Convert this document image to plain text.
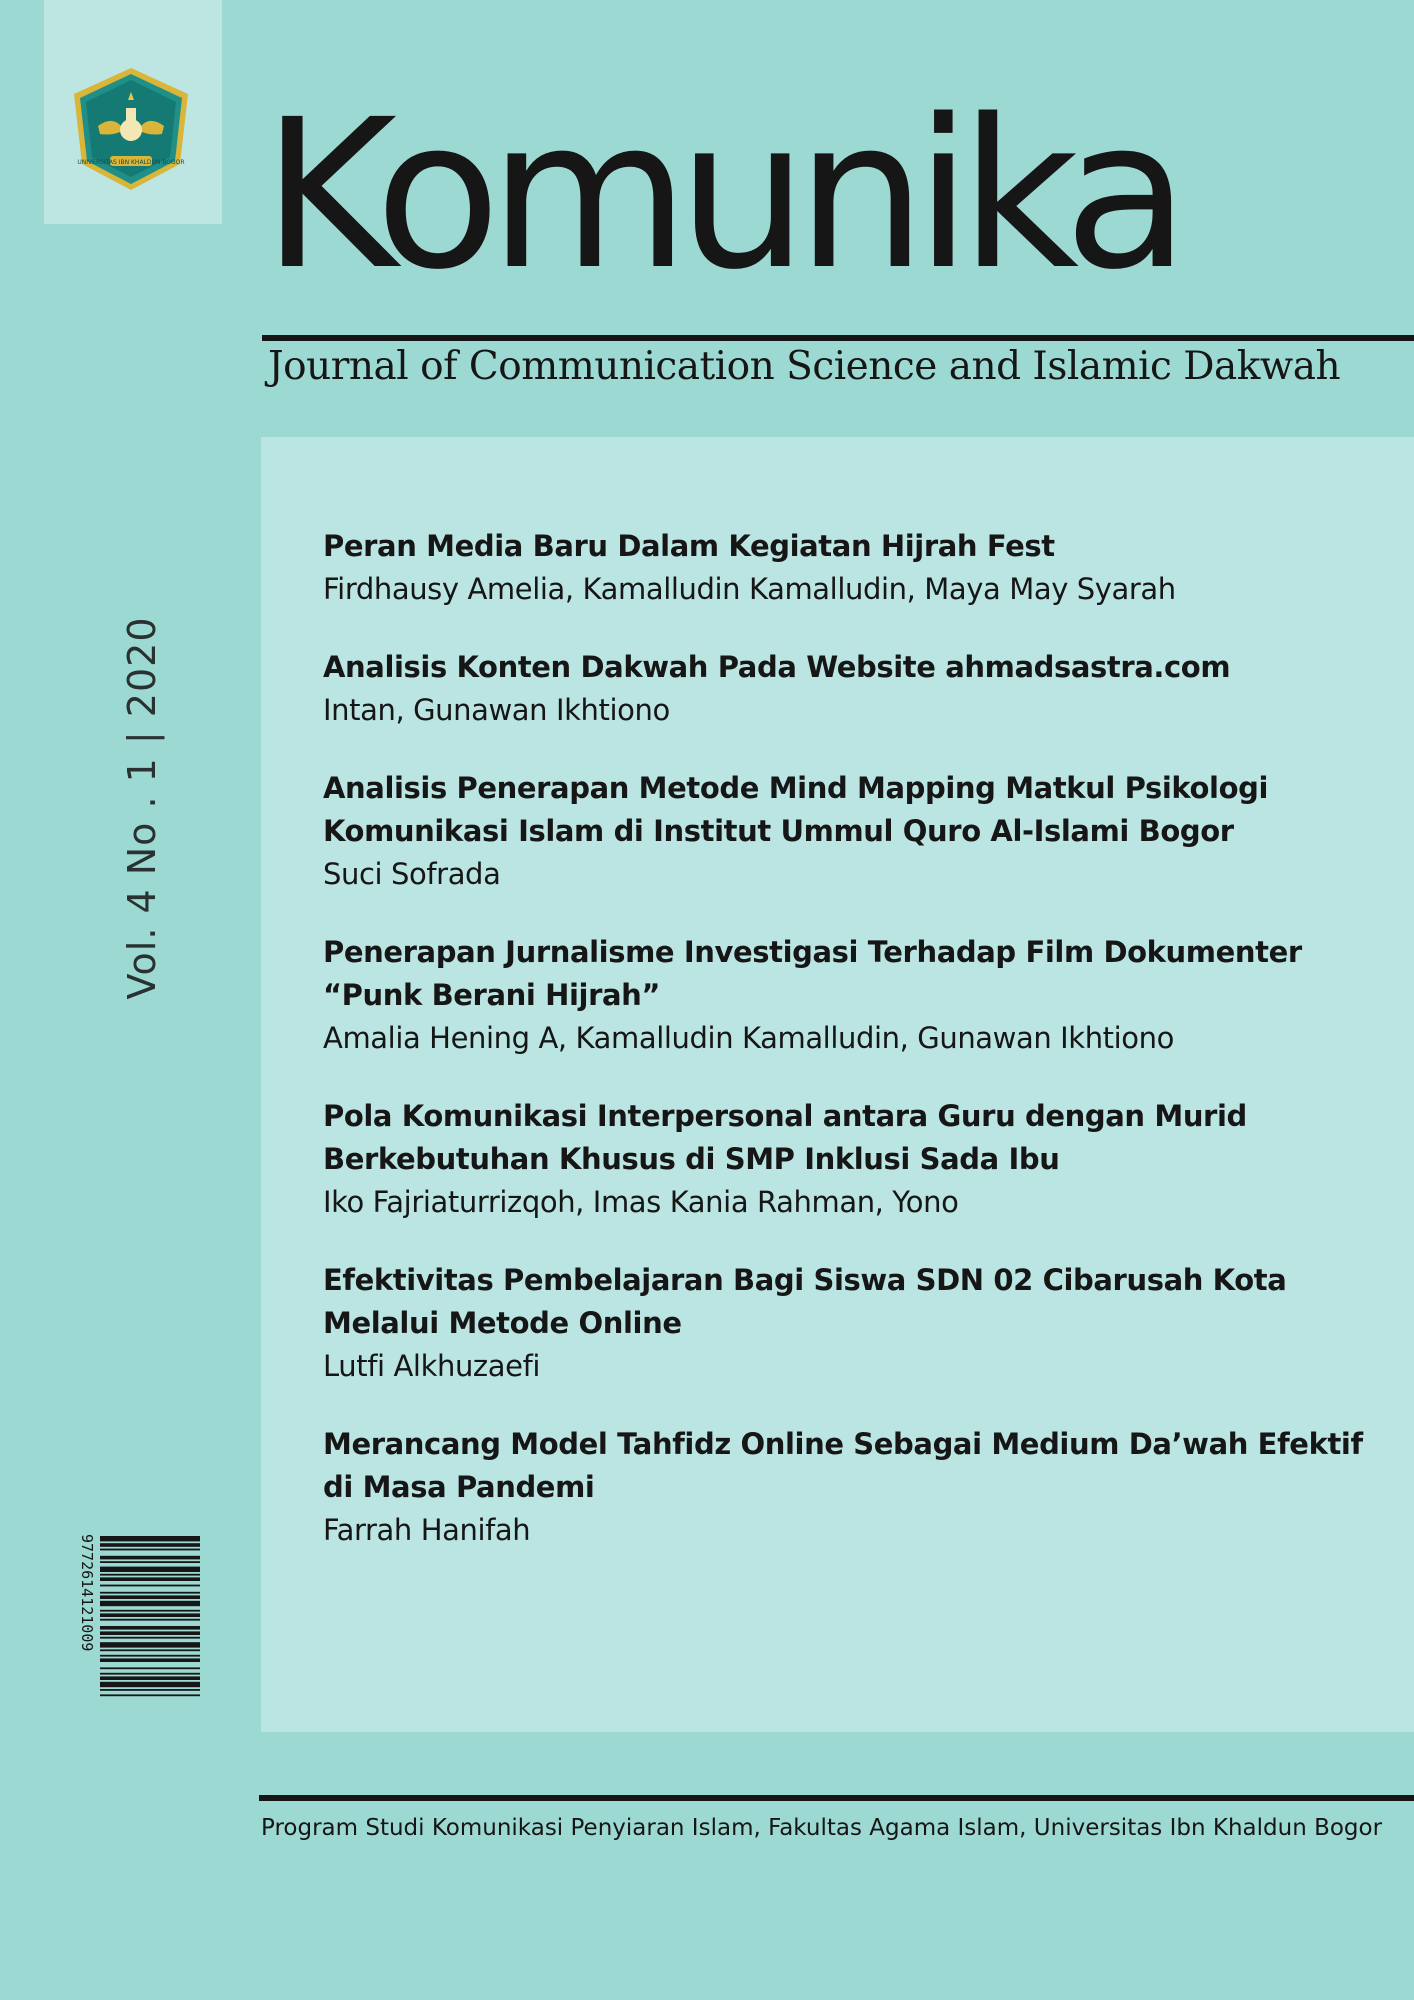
UNIVERSITAS IBN KHALDUN BOGOR Komunika
Journal of Communication Science and Islamic Dakwah
Peran Media Baru Dalam Kegiatan Hijrah Fest
Firdhausy Amelia, Kamalludin Kamalludin, Maya May Syarah
Analisis Konten Dakwah Pada Website ahmadsastra.com
Intan, Gunawan Ikhtiono
Analisis Penerapan Metode Mind Mapping Matkul Psikologi Komunikasi Islam di Institut Ummul Quro Al-Islami Bogor
Suci Sofrada
Penerapan Jurnalisme Investigasi Terhadap Film Dokumenter “Punk Berani Hijrah”
Amalia Hening A, Kamalludin Kamalludin, Gunawan Ikhtiono
Pola Komunikasi Interpersonal antara Guru dengan Murid Berkebutuhan Khusus di SMP Inklusi Sada Ibu
Iko Fajriaturrizqoh, Imas Kania Rahman, Yono
Efektivitas Pembelajaran Bagi Siswa SDN 02 Cibarusah Kota Melalui Metode Online
Lutfi Alkhuzaefi
Merancang Model Tahfidz Online Sebagai Medium Da’wah Efektif di Masa Pandemi
Farrah Hanifah
Vol. 4 No . 1 | 2020
9772614121009
Program Studi Komunikasi Penyiaran Islam, Fakultas Agama Islam, Universitas Ibn Khaldun Bogor
